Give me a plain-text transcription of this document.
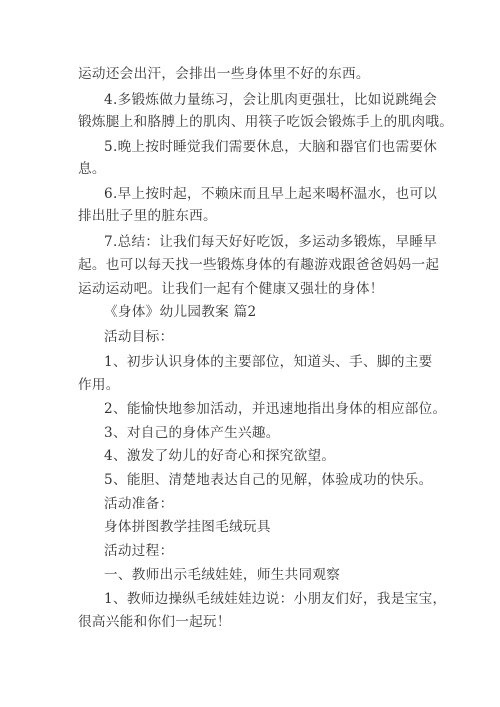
运动还会出汗，会排出一些身体里不好的东西。
4.多锻炼做力量练习，会让肌肉更强壮，比如说跳绳会
锻炼腿上和胳膊上的肌肉、用筷子吃饭会锻炼手上的肌肉哦。
5.晚上按时睡觉我们需要休息，大脑和器官们也需要休
息。
6.早上按时起，不赖床而且早上起来喝杯温水，也可以
排出肚子里的脏东西。
7.总结：让我们每天好好吃饭，多运动多锻炼，早睡早
起。也可以每天找一些锻炼身体的有趣游戏跟爸爸妈妈一起
运动运动吧。让我们一起有个健康又强壮的身体！
《身体》幼儿园教案 篇2
活动目标：
1、初步认识身体的主要部位，知道头、手、脚的主要
作用。
2、能愉快地参加活动，并迅速地指出身体的相应部位。
3、对自己的身体产生兴趣。
4、激发了幼儿的好奇心和探究欲望。
5、能胆、清楚地表达自己的见解，体验成功的快乐。
活动准备：
身体拼图教学挂图毛绒玩具
活动过程：
一、教师出示毛绒娃娃，师生共同观察
1、教师边操纵毛绒娃娃边说：小朋友们好，我是宝宝，
很高兴能和你们一起玩！
